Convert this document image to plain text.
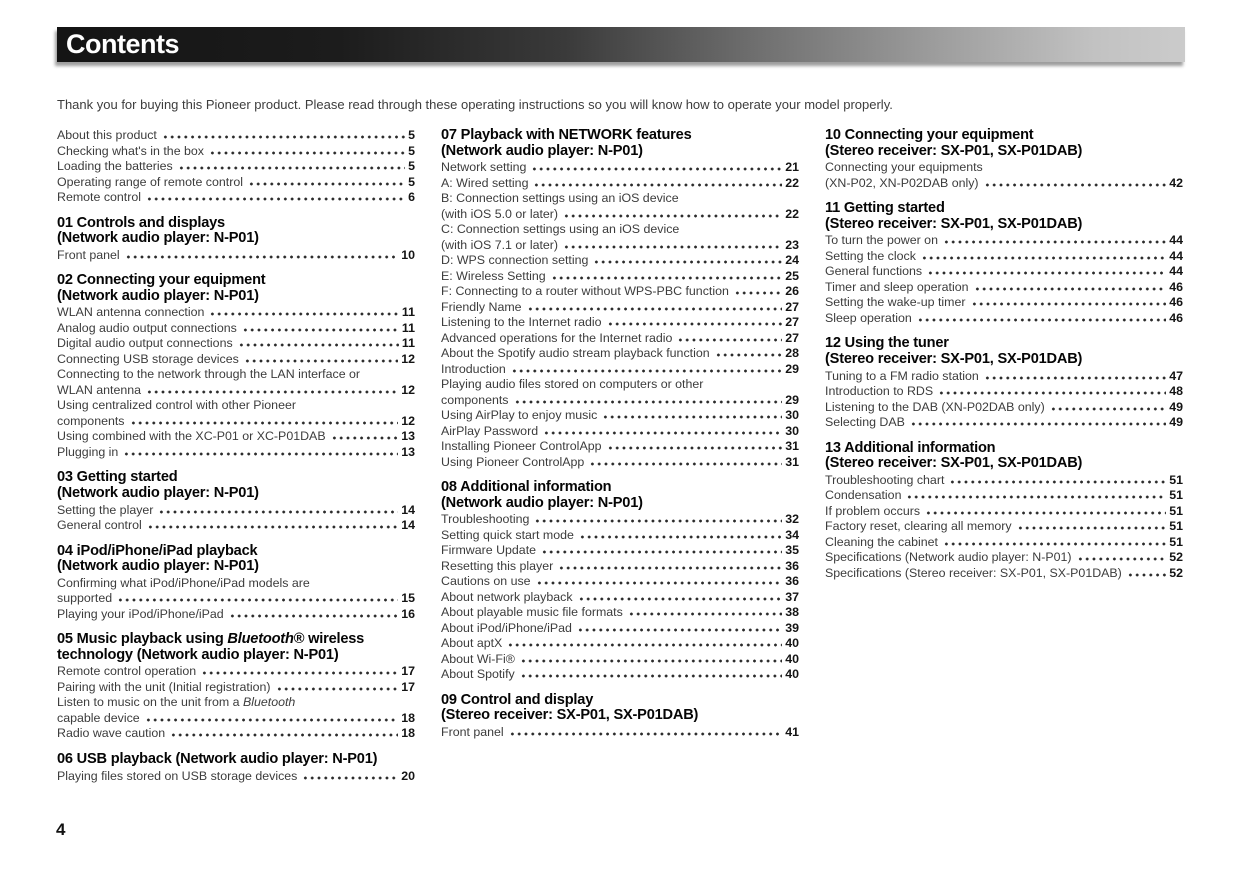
Contents
Thank you for buying this Pioneer product. Please read through these operating instructions so you will know how to operate your model properly.
About this product	5
Checking what's in the box	5
Loading the batteries	5
Operating range of remote control	5
Remote control	6
01 Controls and displays
(Network audio player: N-P01)
Front panel	10
02 Connecting your equipment
(Network audio player: N-P01)
WLAN antenna connection	11
Analog audio output connections	11
Digital audio output connections	11
Connecting USB storage devices	12
Connecting to the network through the LAN interface or
WLAN antenna	12
Using centralized control with other Pioneer
components	12
Using combined with the XC-P01 or XC-P01DAB	13
Plugging in	13
03 Getting started
(Network audio player: N-P01)
Setting the player	14
General control	14
04 iPod/iPhone/iPad playback
(Network audio player: N-P01)
Confirming what iPod/iPhone/iPad models are
supported	15
Playing your iPod/iPhone/iPad	16
05 Music playback using Bluetooth® wireless
technology (Network audio player: N-P01)
Remote control operation	17
Pairing with the unit (Initial registration)	17
Listen to music on the unit from a Bluetooth
capable device	18
Radio wave caution	18
06 USB playback (Network audio player: N-P01)
Playing files stored on USB storage devices	20
07 Playback with NETWORK features
(Network audio player: N-P01)
Network setting	21
A: Wired setting	22
B: Connection settings using an iOS device
(with iOS 5.0 or later)	22
C: Connection settings using an iOS device
(with iOS 7.1 or later)	23
D: WPS connection setting	24
E: Wireless Setting	25
F: Connecting to a router without WPS-PBC function	26
Friendly Name	27
Listening to the Internet radio	27
Advanced operations for the Internet radio	27
About the Spotify audio stream playback function	28
Introduction	29
Playing audio files stored on computers or other
components	29
Using AirPlay to enjoy music	30
AirPlay Password	30
Installing Pioneer ControlApp	31
Using Pioneer ControlApp	31
08 Additional information
(Network audio player: N-P01)
Troubleshooting	32
Setting quick start mode	34
Firmware Update	35
Resetting this player	36
Cautions on use	36
About network playback	37
About playable music file formats	38
About iPod/iPhone/iPad	39
About aptX	40
About Wi-Fi®	40
About Spotify	40
09 Control and display
(Stereo receiver: SX-P01, SX-P01DAB)
Front panel	41
10 Connecting your equipment
(Stereo receiver: SX-P01, SX-P01DAB)
Connecting your equipments
(XN-P02, XN-P02DAB only)	42
11 Getting started
(Stereo receiver: SX-P01, SX-P01DAB)
To turn the power on	44
Setting the clock	44
General functions	44
Timer and sleep operation	46
Setting the wake-up timer	46
Sleep operation	46
12 Using the tuner
(Stereo receiver: SX-P01, SX-P01DAB)
Tuning to a FM radio station	47
Introduction to RDS	48
Listening to the DAB (XN-P02DAB only)	49
Selecting DAB	49
13 Additional information
(Stereo receiver: SX-P01, SX-P01DAB)
Troubleshooting chart	51
Condensation	51
If problem occurs	51
Factory reset, clearing all memory	51
Cleaning the cabinet	51
Specifications (Network audio player: N-P01)	52
Specifications (Stereo receiver: SX-P01, SX-P01DAB)	52
4
